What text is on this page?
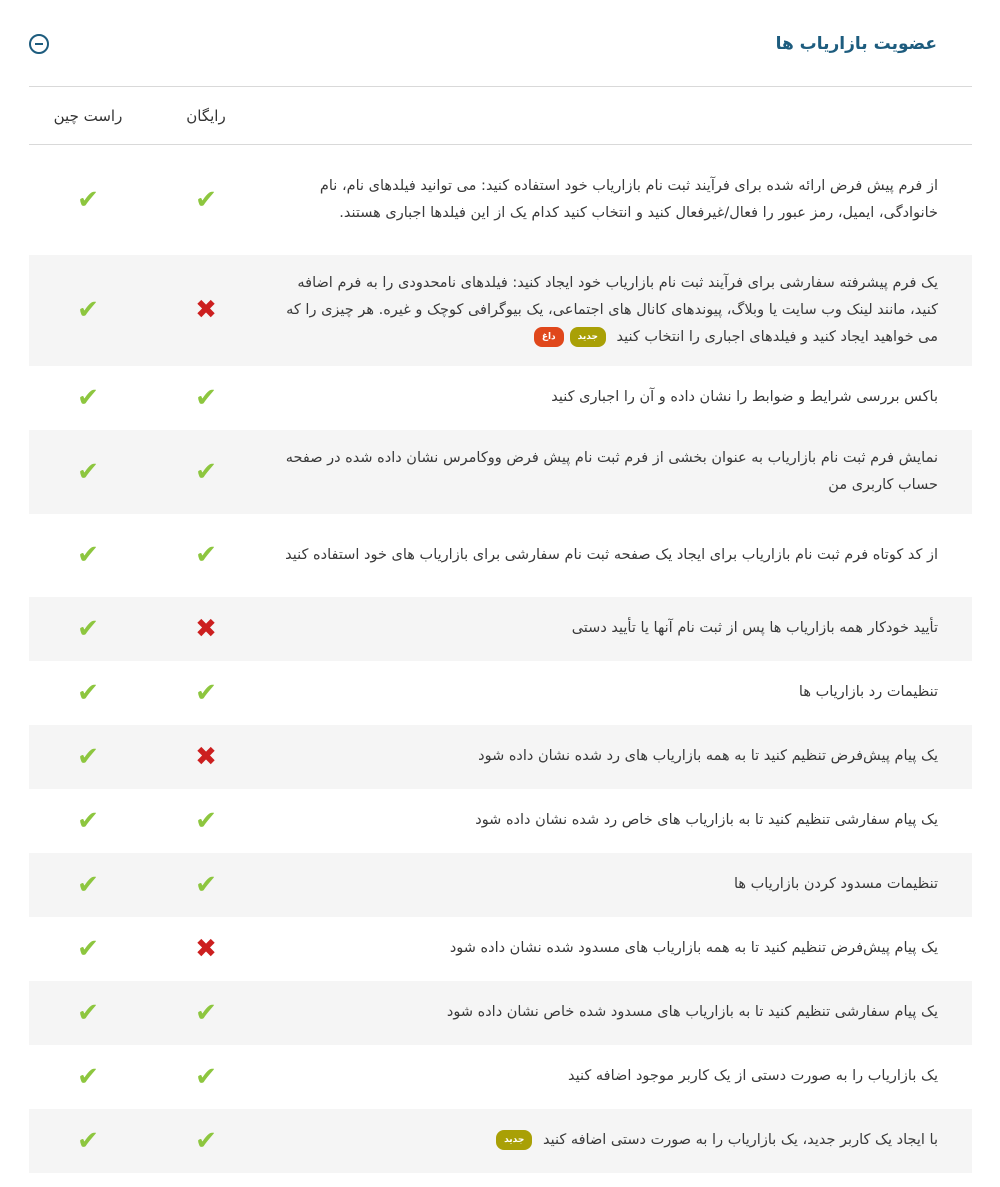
عضویت بازاریاب ها
	رایگان	راست چین
از فرم پیش فرض ارائه شده برای فرآیند ثبت نام بازاریاب خود استفاده کنید: می توانید فیلدهای نام، نام خانوادگی، ایمیل، رمز عبور را فعال/غیرفعال کنید و انتخاب کنید کدام یک از این فیلدها اجباری هستند.	✔	✔
یک فرم پیشرفته سفارشی برای فرآیند ثبت نام بازاریاب خود ایجاد کنید: فیلدهای نامحدودی را به فرم اضافه کنید، مانند لینک وب سایت یا وبلاگ، پیوندهای کانال های اجتماعی، یک بیوگرافی کوچک و غیره. هر چیزی را که می خواهید ایجاد کنید و فیلدهای اجباری را انتخاب کنید جدیدداغ	✖	✔
باکس بررسی شرایط و ضوابط را نشان داده و آن را اجباری کنید	✔	✔
نمایش فرم ثبت نام بازاریاب به عنوان بخشی از فرم ثبت نام پیش فرض ووکامرس نشان داده شده در صفحه حساب کاربری من	✔	✔
از کد کوتاه فرم ثبت نام بازاریاب برای ایجاد یک صفحه ثبت نام سفارشی برای بازاریاب های خود استفاده کنید	✔	✔
تأیید خودکار همه بازاریاب ها پس از ثبت نام آنها یا تأیید دستی	✖	✔
تنظیمات رد بازاریاب ها	✔	✔
یک پیام پیش‌فرض تنظیم کنید تا به همه بازاریاب های رد شده نشان داده شود	✖	✔
یک پیام سفارشی تنظیم کنید تا به بازاریاب های خاص رد شده نشان داده شود	✔	✔
تنظیمات مسدود کردن بازاریاب ها	✔	✔
یک پیام پیش‌فرض تنظیم کنید تا به همه بازاریاب های مسدود شده نشان داده شود	✖	✔
یک پیام سفارشی تنظیم کنید تا به بازاریاب های مسدود شده خاص نشان داده شود	✔	✔
یک بازاریاب را به صورت دستی از یک کاربر موجود اضافه کنید	✔	✔
با ایجاد یک کاربر جدید، یک بازاریاب را به صورت دستی اضافه کنید جدید	✔	✔
